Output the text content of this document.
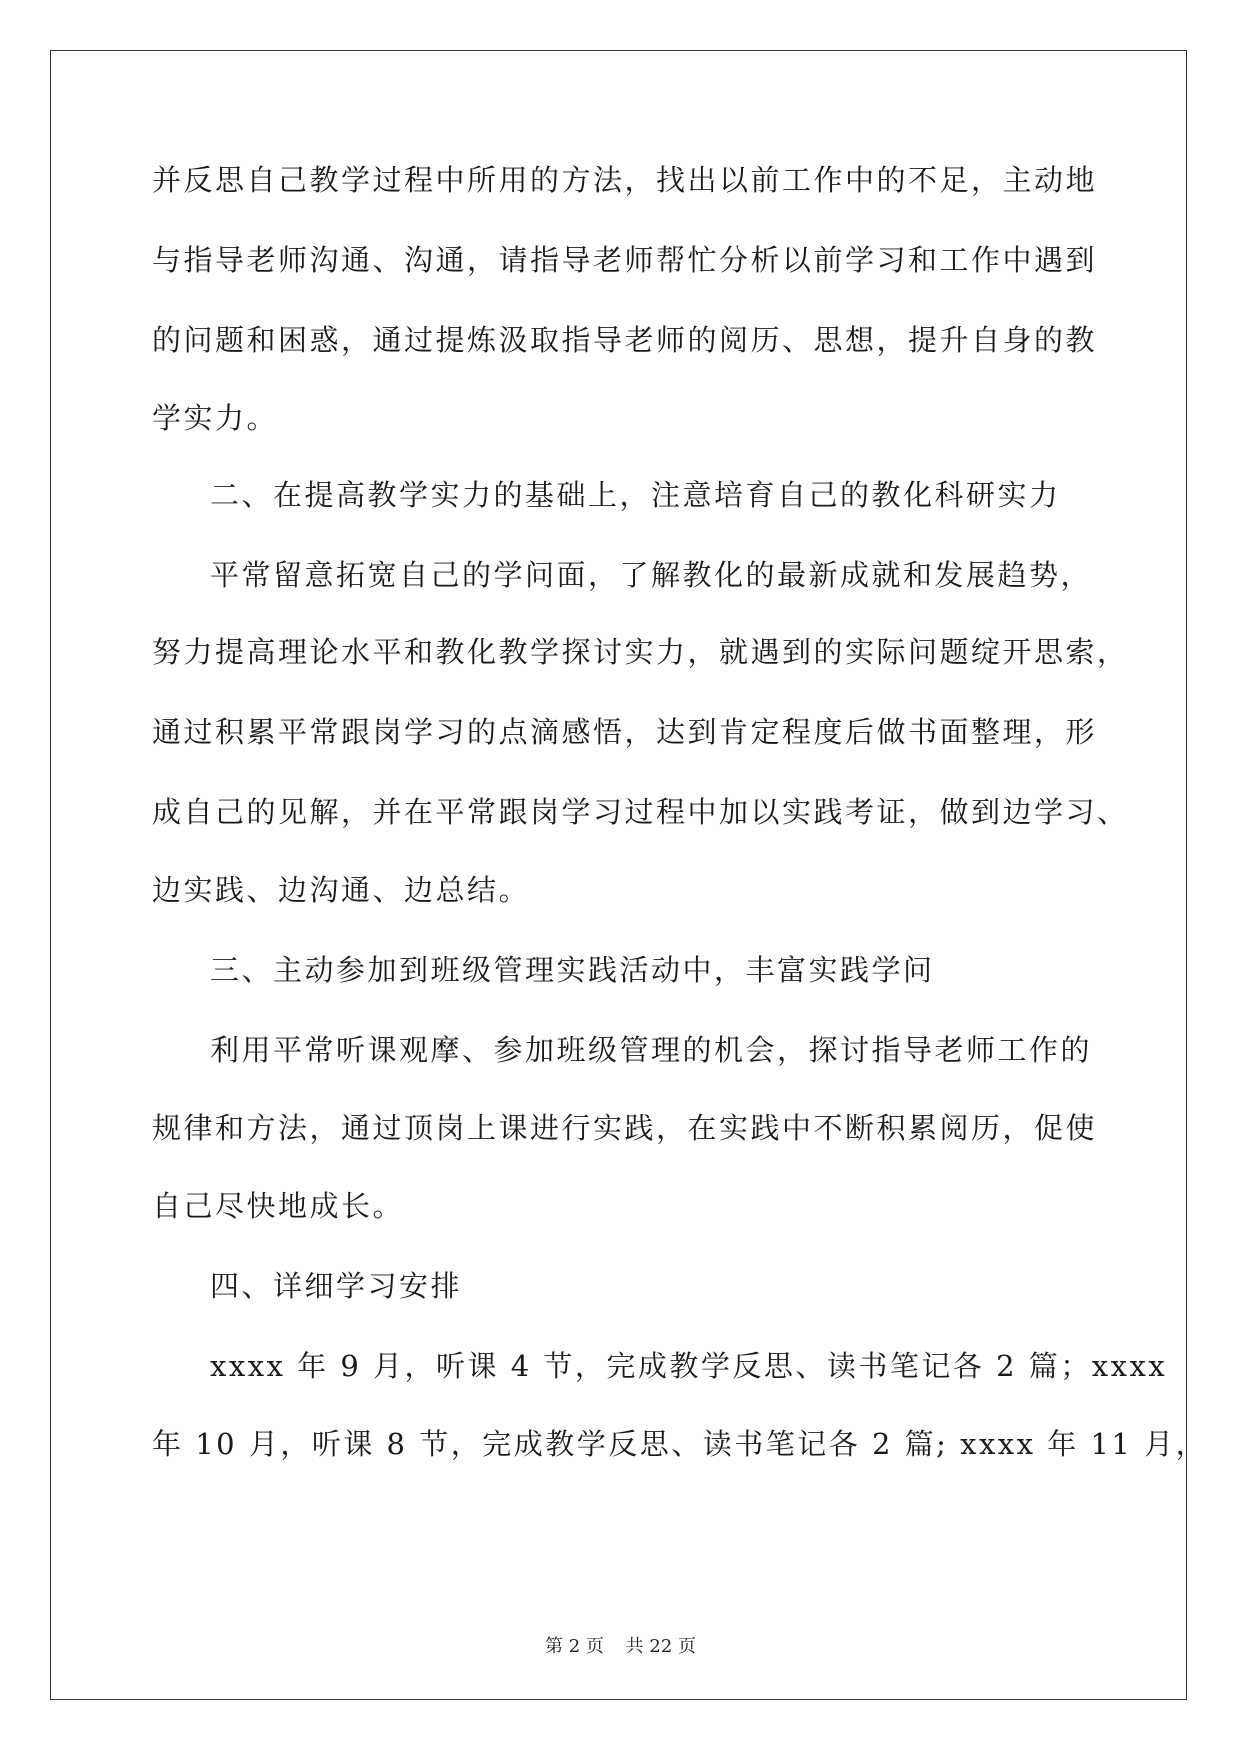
并反思自己教学过程中所用的方法，找出以前工作中的不足，主动地
与指导老师沟通、沟通，请指导老师帮忙分析以前学习和工作中遇到
的问题和困惑，通过提炼汲取指导老师的阅历、思想，提升自身的教
学实力。
二、在提高教学实力的基础上，注意培育自己的教化科研实力
平常留意拓宽自己的学问面，了解教化的最新成就和发展趋势，
努力提高理论水平和教化教学探讨实力，就遇到的实际问题绽开思索，
通过积累平常跟岗学习的点滴感悟，达到肯定程度后做书面整理，形
成自己的见解，并在平常跟岗学习过程中加以实践考证，做到边学习、
边实践、边沟通、边总结。
三、主动参加到班级管理实践活动中，丰富实践学问
利用平常听课观摩、参加班级管理的机会，探讨指导老师工作的
规律和方法，通过顶岗上课进行实践，在实践中不断积累阅历，促使
自己尽快地成长。
四、详细学习安排
xxxx 年 9 月，听课 4 节，完成教学反思、读书笔记各 2 篇；xxxx
年 10 月，听课 8 节，完成教学反思、读书笔记各 2 篇; xxxx 年 11 月，
第 2 页 共 22 页
